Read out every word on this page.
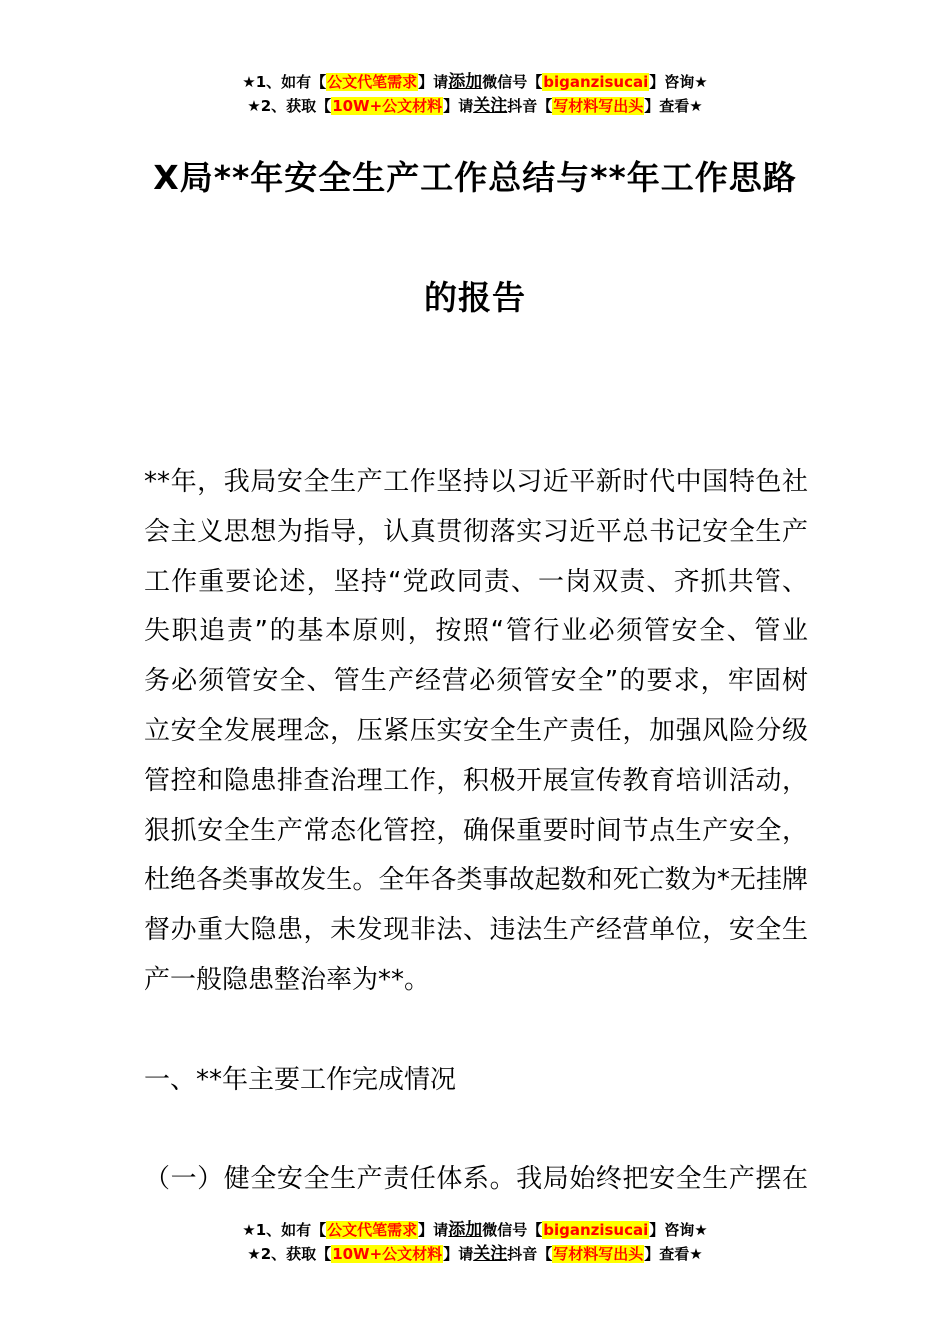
★1、如有【公文代笔需求】请添加微信号【biganzisucai】咨询★
★2、获取【10W+公文材料】请关注抖音【写材料写出头】查看★
X局**年安全生产工作总结与**年工作思路
的报告
**年，我局安全生产工作坚持以习近平新时代中国特色社
会主义思想为指导，认真贯彻落实习近平总书记安全生产
工作重要论述，坚持“党政同责、一岗双责、齐抓共管、
失职追责”的基本原则，按照“管行业必须管安全、管业
务必须管安全、管生产经营必须管安全”的要求，牢固树
立安全发展理念，压紧压实安全生产责任，加强风险分级
管控和隐患排查治理工作，积极开展宣传教育培训活动，
狠抓安全生产常态化管控，确保重要时间节点生产安全，
杜绝各类事故发生。全年各类事故起数和死亡数为*无挂牌
督办重大隐患，未发现非法、违法生产经营单位，安全生
产一般隐患整治率为**。
一、**年主要工作完成情况
（一）健全安全生产责任体系。我局始终把安全生产摆在
★1、如有【公文代笔需求】请添加微信号【biganzisucai】咨询★
★2、获取【10W+公文材料】请关注抖音【写材料写出头】查看★
